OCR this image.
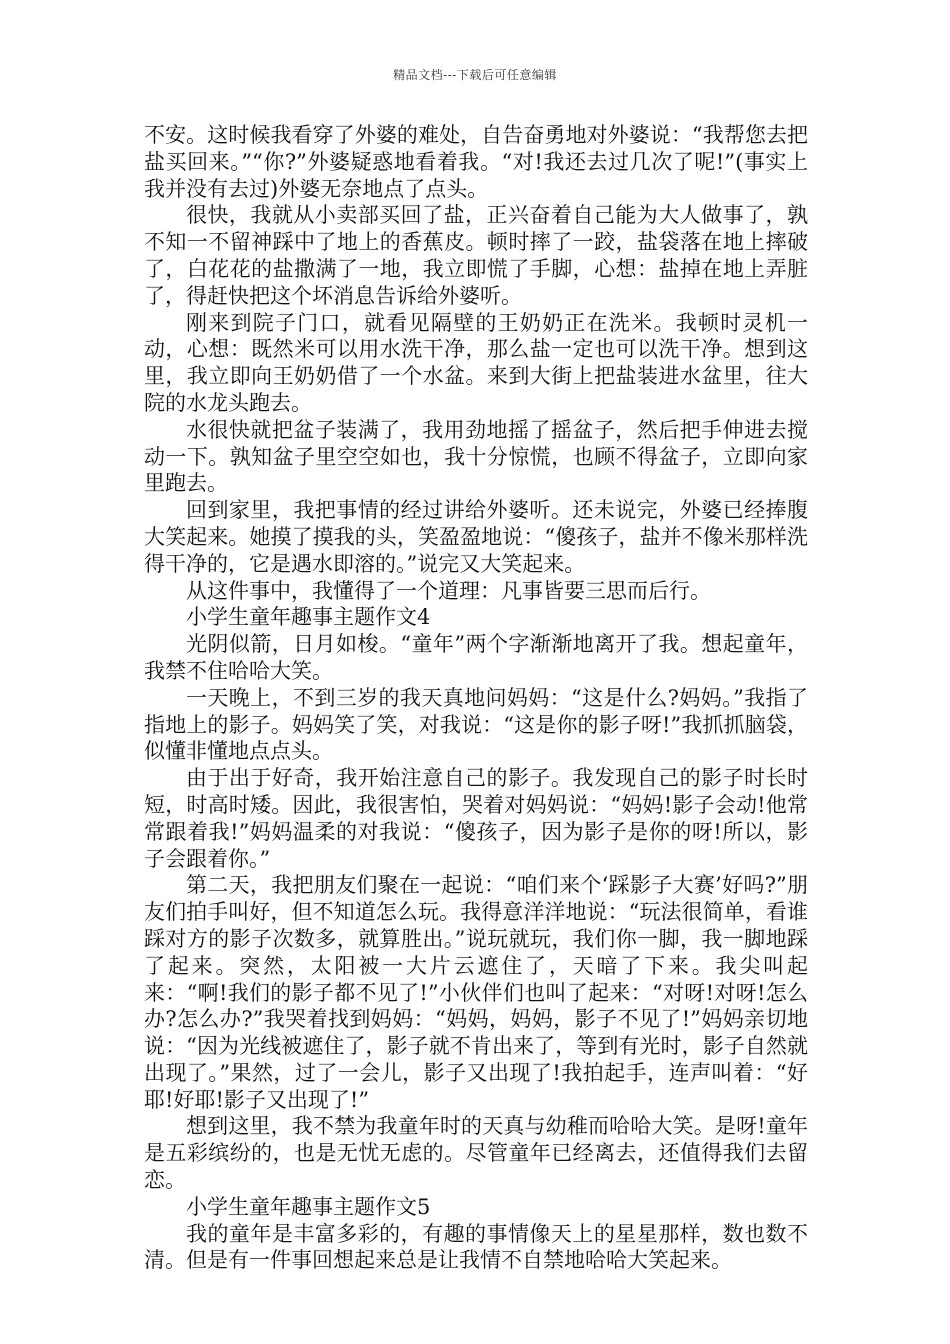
精品文档---下载后可任意编辑

不安。这时候我看穿了外婆的难处，自告奋勇地对外婆说：“我帮您去把盐买回来。”“你?”外婆疑惑地看着我。“对!我还去过几次了呢!”(事实上我并没有去过)外婆无奈地点了点头。

很快，我就从小卖部买回了盐，正兴奋着自己能为大人做事了，孰不知一不留神踩中了地上的香蕉皮。顿时摔了一跤，盐袋落在地上摔破了，白花花的盐撒满了一地，我立即慌了手脚，心想：盐掉在地上弄脏了，得赶快把这个坏消息告诉给外婆听。

刚来到院子门口，就看见隔壁的王奶奶正在洗米。我顿时灵机一动，心想：既然米可以用水洗干净，那么盐一定也可以洗干净。想到这里，我立即向王奶奶借了一个水盆。来到大街上把盐装进水盆里，往大院的水龙头跑去。

水很快就把盆子装满了，我用劲地摇了摇盆子，然后把手伸进去搅动一下。孰知盆子里空空如也，我十分惊慌，也顾不得盆子，立即向家里跑去。

回到家里，我把事情的经过讲给外婆听。还未说完，外婆已经捧腹大笑起来。她摸了摸我的头，笑盈盈地说：“傻孩子，盐并不像米那样洗得干净的，它是遇水即溶的。”说完又大笑起来。

从这件事中，我懂得了一个道理：凡事皆要三思而后行。

小学生童年趣事主题作文4

光阴似箭，日月如梭。“童年”两个字渐渐地离开了我。想起童年，我禁不住哈哈大笑。

一天晚上，不到三岁的我天真地问妈妈：“这是什么?妈妈。”我指了指地上的影子。妈妈笑了笑，对我说：“这是你的影子呀!”我抓抓脑袋，似懂非懂地点点头。

由于出于好奇，我开始注意自己的影子。我发现自己的影子时长时短，时高时矮。因此，我很害怕，哭着对妈妈说：“妈妈!影子会动!他常常跟着我!”妈妈温柔的对我说：“傻孩子，因为影子是你的呀!所以，影子会跟着你。”

第二天，我把朋友们聚在一起说：“咱们来个‘踩影子大赛’好吗?”朋友们拍手叫好，但不知道怎么玩。我得意洋洋地说：“玩法很简单，看谁踩对方的影子次数多，就算胜出。”说玩就玩，我们你一脚，我一脚地踩了起来。突然，太阳被一大片云遮住了，天暗了下来。我尖叫起来：“啊!我们的影子都不见了!”小伙伴们也叫了起来：“对呀!对呀!怎么办?怎么办?”我哭着找到妈妈：“妈妈，妈妈，影子不见了!”妈妈亲切地说：“因为光线被遮住了，影子就不肯出来了，等到有光时，影子自然就出现了。”果然，过了一会儿，影子又出现了!我拍起手，连声叫着：“好耶!好耶!影子又出现了!”

想到这里，我不禁为我童年时的天真与幼稚而哈哈大笑。是呀!童年是五彩缤纷的，也是无忧无虑的。尽管童年已经离去，还值得我们去留恋。

小学生童年趣事主题作文5

我的童年是丰富多彩的，有趣的事情像天上的星星那样，数也数不清。但是有一件事回想起来总是让我情不自禁地哈哈大笑起来。
